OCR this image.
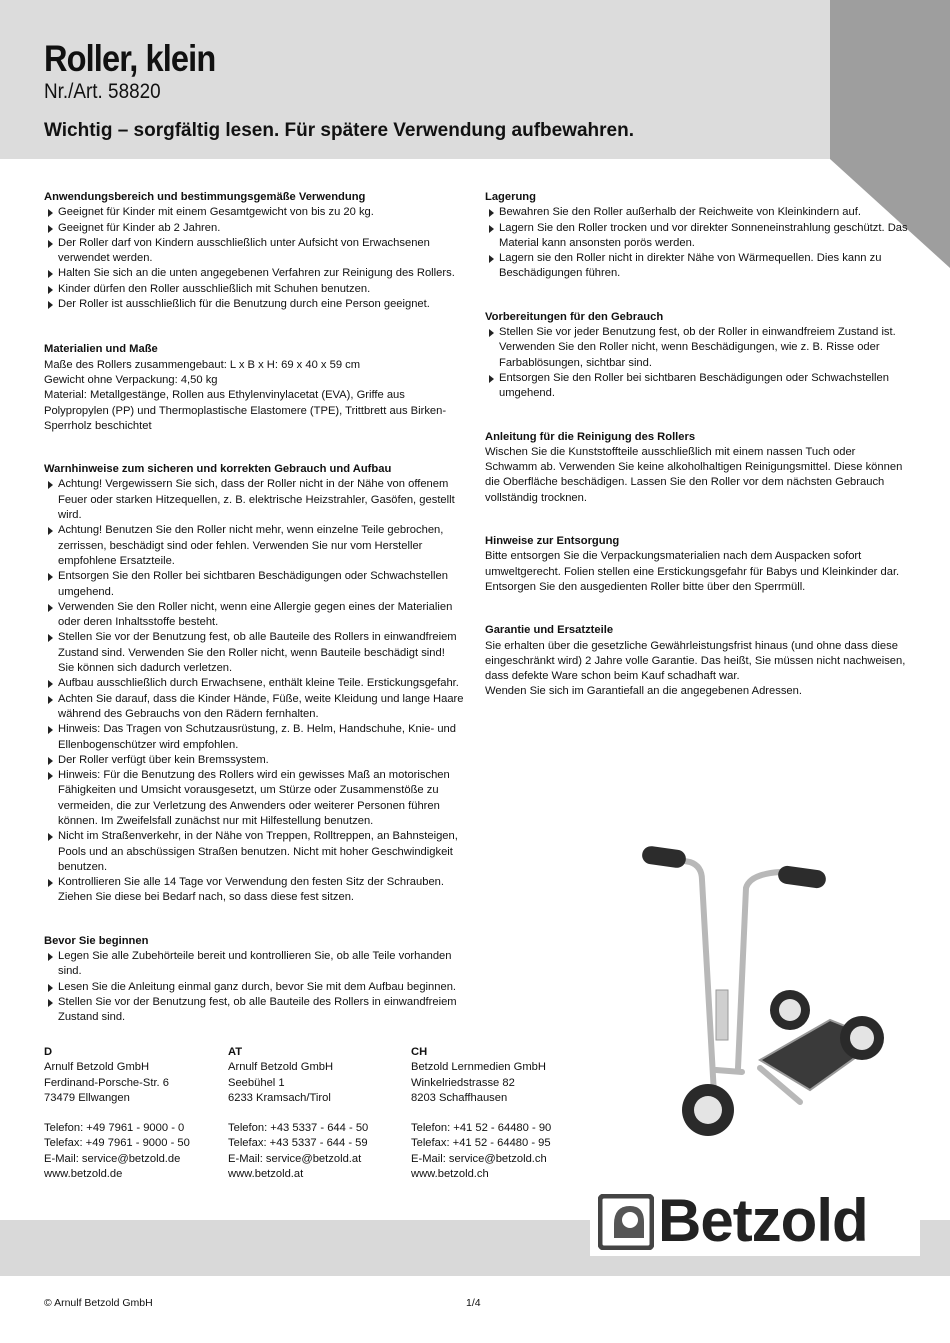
Roller, klein
Nr./Art. 58820
Wichtig – sorgfältig lesen. Für spätere Verwendung aufbewahren.
Anwendungsbereich und bestimmungsgemäße Verwendung
Geeignet für Kinder mit einem Gesamtgewicht von bis zu 20 kg.
Geeignet für Kinder ab 2 Jahren.
Der Roller darf von Kindern ausschließlich unter Aufsicht von Erwachsenen verwendet werden.
Halten Sie sich an die unten angegebenen Verfahren zur Reinigung des Rollers.
Kinder dürfen den Roller ausschließlich mit Schuhen benutzen.
Der Roller ist ausschließlich für die Benutzung durch eine Person geeignet.
Materialien und Maße

Maße des Rollers zusammengebaut: L x B x H: 69 x 40 x 59 cm

Gewicht ohne Verpackung: 4,50 kg

Material: Metallgestänge, Rollen aus Ethylenvinylacetat (EVA), Griffe aus Polypropylen (PP) und Thermoplastische Elastomere (TPE), Trittbrett aus Birken-Sperrholz beschichtet

Warnhinweise zum sicheren und korrekten Gebrauch und Aufbau
Achtung! Vergewissern Sie sich, dass der Roller nicht in der Nähe von offenem Feuer oder starken Hitzequellen, z. B. elektrische Heizstrahler, Gasöfen, gestellt wird.
Achtung! Benutzen Sie den Roller nicht mehr, wenn einzelne Teile gebrochen, zerrissen, beschädigt sind oder fehlen. Verwenden Sie nur vom Hersteller empfohlene Ersatzteile.
Entsorgen Sie den Roller bei sichtbaren Beschädigungen oder Schwachstellen umgehend.
Verwenden Sie den Roller nicht, wenn eine Allergie gegen eines der Materialien oder deren Inhaltsstoffe besteht.
Stellen Sie vor der Benutzung fest, ob alle Bauteile des Rollers in einwandfreiem Zustand sind. Verwenden Sie den Roller nicht, wenn Bauteile beschädigt sind! Sie können sich dadurch verletzen.
Aufbau ausschließlich durch Erwachsene, enthält kleine Teile. Erstickungsgefahr.
Achten Sie darauf, dass die Kinder Hände, Füße, weite Kleidung und lange Haare während des Gebrauchs von den Rädern fernhalten.
Hinweis: Das Tragen von Schutzausrüstung, z. B. Helm, Handschuhe, Knie- und Ellenbogenschützer wird empfohlen.
Der Roller verfügt über kein Bremssystem.
Hinweis: Für die Benutzung des Rollers wird ein gewisses Maß an motorischen Fähigkeiten und Umsicht vorausgesetzt, um Stürze oder Zusammenstöße zu vermeiden, die zur Verletzung des Anwenders oder weiterer Personen führen können. Im Zweifelsfall zunächst nur mit Hilfestellung benutzen.
Nicht im Straßenverkehr, in der Nähe von Treppen, Rolltreppen, an Bahnsteigen, Pools und an abschüssigen Straßen benutzen. Nicht mit hoher Geschwindigkeit benutzen.
Kontrollieren Sie alle 14 Tage vor Verwendung den festen Sitz der Schrauben. Ziehen Sie diese bei Bedarf nach, so dass diese fest sitzen.
Bevor Sie beginnen
Legen Sie alle Zubehörteile bereit und kontrollieren Sie, ob alle Teile vorhanden sind.
Lesen Sie die Anleitung einmal ganz durch, bevor Sie mit dem Aufbau beginnen.
Stellen Sie vor der Benutzung fest, ob alle Bauteile des Rollers in einwandfreiem Zustand sind.
Lagerung
Bewahren Sie den Roller außerhalb der Reichweite von Kleinkindern auf.
Lagern Sie den Roller trocken und vor direkter Sonneneinstrahlung geschützt. Das Material kann ansonsten porös werden.
Lagern sie den Roller nicht in direkter Nähe von Wärmequellen. Dies kann zu Beschädigungen führen.
Vorbereitungen für den Gebrauch
Stellen Sie vor jeder Benutzung fest, ob der Roller in einwandfreiem Zustand ist. Verwenden Sie den Roller nicht, wenn Beschädigungen, wie z. B. Risse oder Farbablösungen, sichtbar sind.
Entsorgen Sie den Roller bei sichtbaren Beschädigungen oder Schwachstellen umgehend.
Anleitung für die Reinigung des Rollers

Wischen Sie die Kunststoffteile ausschließlich mit einem nassen Tuch oder Schwamm ab. Verwenden Sie keine alkoholhaltigen Reinigungsmittel. Diese können die Oberfläche beschädigen. Lassen Sie den Roller vor dem nächsten Gebrauch vollständig trocknen.

Hinweise zur Entsorgung

Bitte entsorgen Sie die Verpackungsmaterialien nach dem Auspacken sofort umweltgerecht. Folien stellen eine Erstickungsgefahr für Babys und Kleinkinder dar.

Entsorgen Sie den ausgedienten Roller bitte über den Sperrmüll.

Garantie und Ersatzteile

Sie erhalten über die gesetzliche Gewährleistungsfrist hinaus (und ohne dass diese eingeschränkt wird) 2 Jahre volle Garantie. Das heißt, Sie müssen nicht nachweisen, dass defekte Ware schon beim Kauf schadhaft war.

Wenden Sie sich im Garantiefall an die angegebenen Adressen.

D
Arnulf Betzold GmbH
Ferdinand-Porsche-Str. 6
73479 Ellwangen
Telefon: +49 7961 - 9000 - 0
Telefax: +49 7961 - 9000 - 50
E-Mail: service@betzold.de
www.betzold.de
AT
Arnulf Betzold GmbH
Seebühel 1
6233 Kramsach/Tirol
Telefon: +43 5337 - 644 - 50
Telefax: +43 5337 - 644 - 59
E-Mail: service@betzold.at
www.betzold.at
CH
Betzold Lernmedien GmbH
Winkelriedstrasse 82
8203 Schaffhausen
Telefon: +41 52 - 64480 - 90
Telefax: +41 52 - 64480 - 95
E-Mail: service@betzold.ch
www.betzold.ch
Betzold
© Arnulf Betzold GmbH	1/4
